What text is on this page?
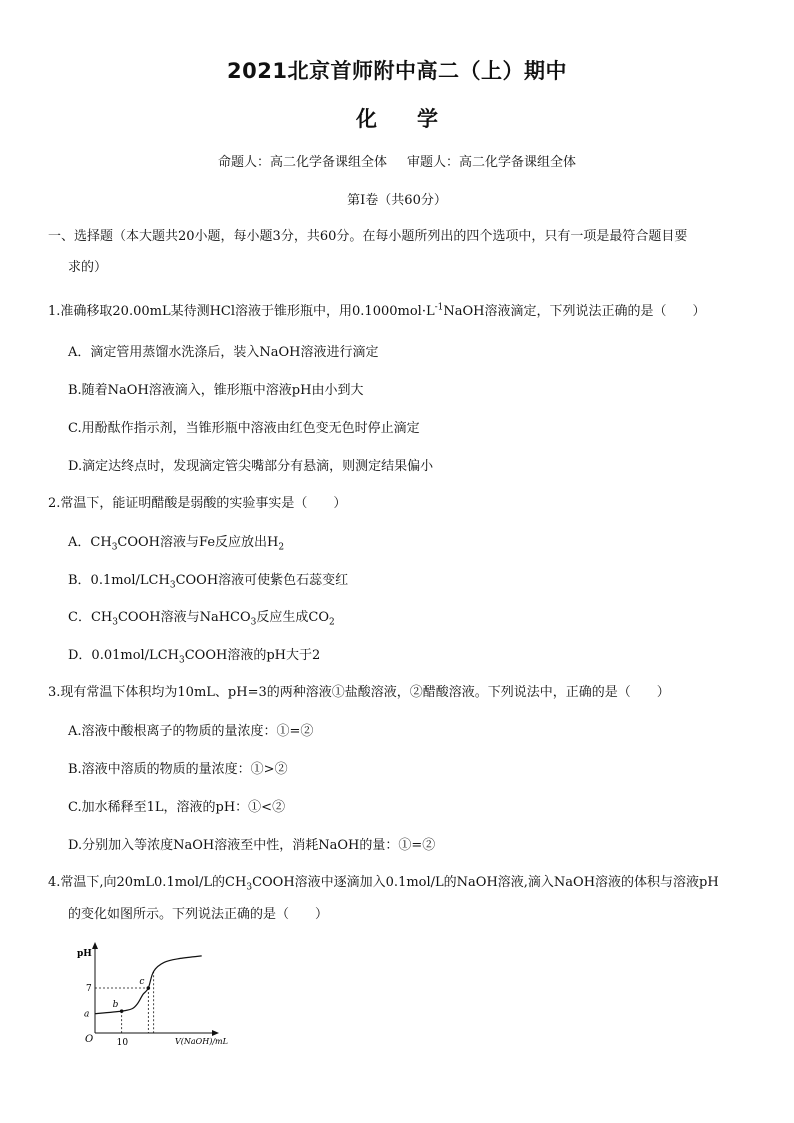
2021北京首师附中高二（上）期中
化学
命题人：高二化学备课组全体 审题人：高二化学备课组全体
第I卷（共60分）
一、选择题（本大题共20小题，每小题3分，共60分。在每小题所列出的四个选项中，只有一项是最符合题目要
求的）
1.准确移取20.00mL某待测HCl溶液于锥形瓶中，用$0.1000mol\cdot L^{-1}NaOH$溶液滴定，下列说法正确的是（　　）
A．滴定管用蒸馏水洗涤后，装入NaOH溶液进行滴定
B.随着NaOH溶液滴入，锥形瓶中溶液pH由小到大
C.用酚酞作指示剂，当锥形瓶中溶液由红色变无色时停止滴定
D.滴定达终点时，发现滴定管尖嘴部分有悬滴，则测定结果偏小
2.常温下，能证明醋酸是弱酸的实验事实是（　　）
A．$CH_3COOH$溶液与Fe反应放出$H_2$
B．$0.1mol/LCH_3COOH$溶液可使紫色石蕊变红
C．$CH_3COOH$溶液与NaHCO$_3$反应生成$CO_2$
D．$0.01mol/LCH_3COOH$溶液的pH大于2
3.现有常温下体积均为10mL、pH=3的两种溶液①盐酸溶液，②醋酸溶液。下列说法中，正确的是（　　）
A.溶液中酸根离子的物质的量浓度：①=②
B.溶液中溶质的物质的量浓度：①>②
C.加水稀释至1L，溶液的pH：①<②
D.分别加入等浓度NaOH溶液至中性，消耗NaOH的量：①=②
4.常温下,向20mL0.1mol/L的$CH_3COOH$溶液中逐滴加入0.1mol/L的NaOH溶液,滴入NaOH溶液的体积与溶液pH
的变化如图所示。下列说法正确的是（　　）
pH
V(NaOH)/mL
O
a
b
c
7
10
